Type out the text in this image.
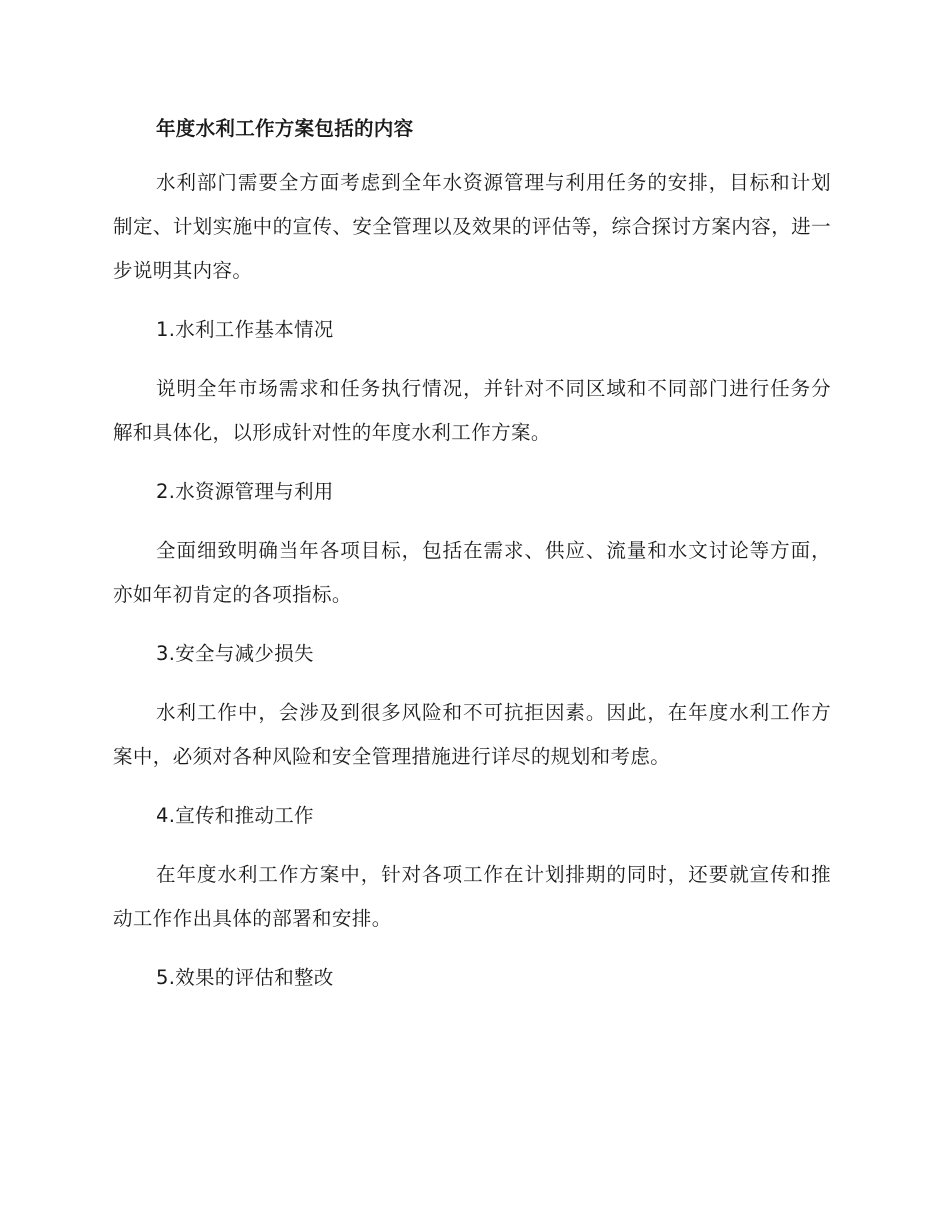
年度水利工作方案包括的内容

水利部门需要全方面考虑到全年水资源管理与利用任务的安排，目标和计划制定、计划实施中的宣传、安全管理以及效果的评估等，综合探讨方案内容，进一步说明其内容。

1.水利工作基本情况

说明全年市场需求和任务执行情况，并针对不同区域和不同部门进行任务分解和具体化，以形成针对性的年度水利工作方案。

2.水资源管理与利用

全面细致明确当年各项目标，包括在需求、供应、流量和水文讨论等方面，亦如年初肯定的各项指标。

3.安全与减少损失

水利工作中，会涉及到很多风险和不可抗拒因素。因此，在年度水利工作方案中，必须对各种风险和安全管理措施进行详尽的规划和考虑。

4.宣传和推动工作

在年度水利工作方案中，针对各项工作在计划排期的同时，还要就宣传和推动工作作出具体的部署和安排。

5.效果的评估和整改
